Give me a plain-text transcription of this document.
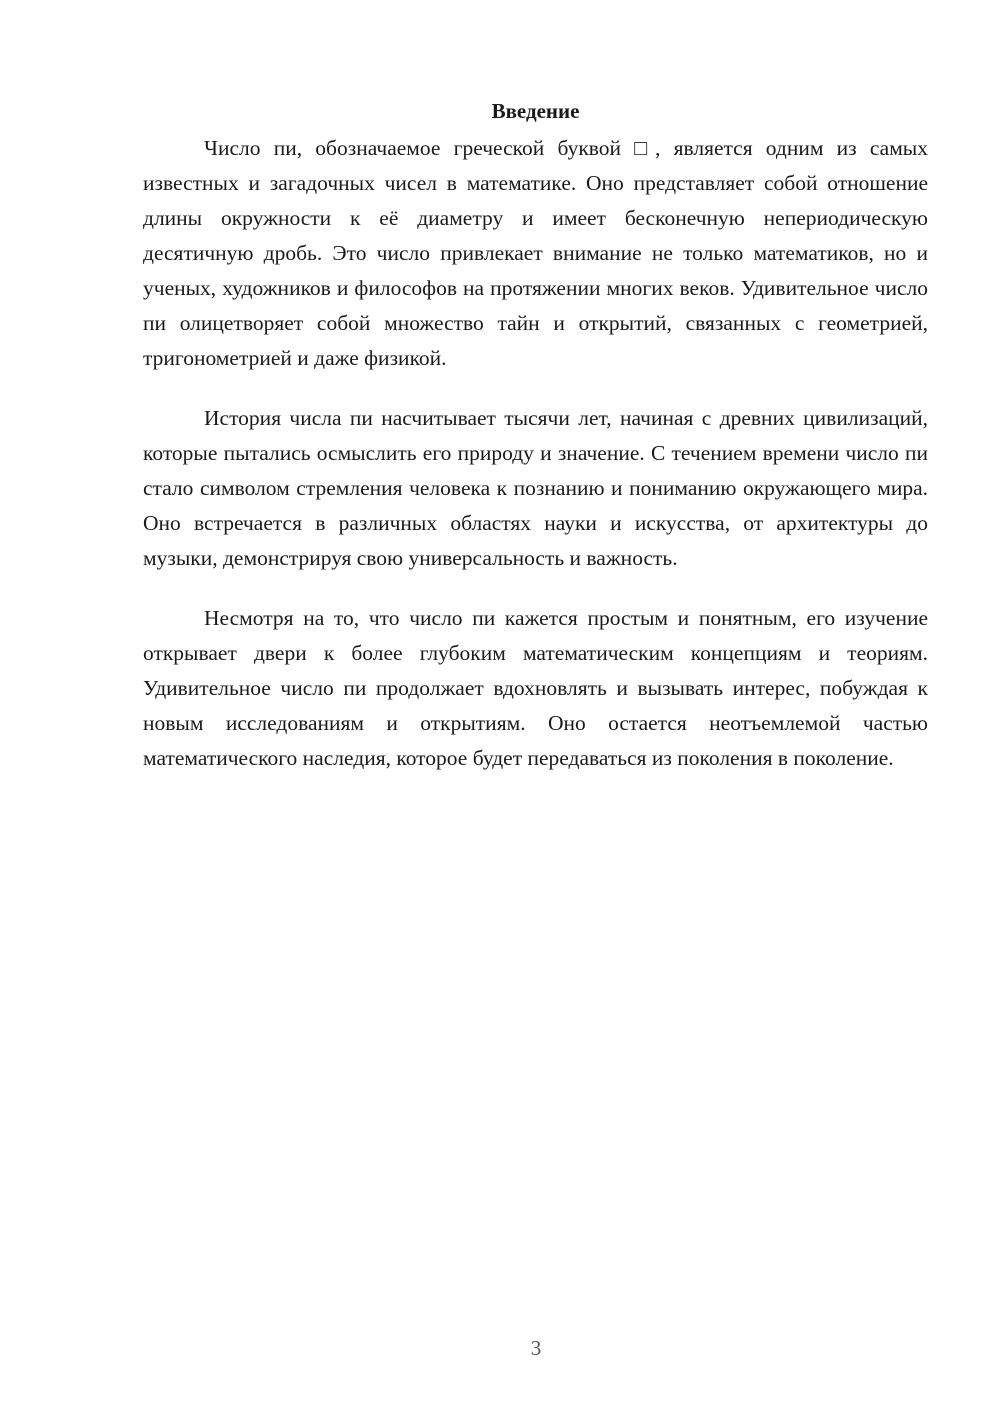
Введение

Число пи, обозначаемое греческой буквой □, является одним из самых известных и загадочных чисел в математике. Оно представляет собой отношение длины окружности к её диаметру и имеет бесконечную непериодическую десятичную дробь. Это число привлекает внимание не только математиков, но и ученых, художников и философов на протяжении многих веков. Удивительное число пи олицетворяет собой множество тайн и открытий, связанных с геометрией, тригонометрией и даже физикой.

История числа пи насчитывает тысячи лет, начиная с древних цивилизаций, которые пытались осмыслить его природу и значение. С течением времени число пи стало символом стремления человека к познанию и пониманию окружающего мира. Оно встречается в различных областях науки и искусства, от архитектуры до музыки, демонстрируя свою универсальность и важность.

Несмотря на то, что число пи кажется простым и понятным, его изучение открывает двери к более глубоким математическим концепциям и теориям. Удивительное число пи продолжает вдохновлять и вызывать интерес, побуждая к новым исследованиям и открытиям. Оно остается неотъемлемой частью математического наследия, которое будет передаваться из поколения в поколение.

3
